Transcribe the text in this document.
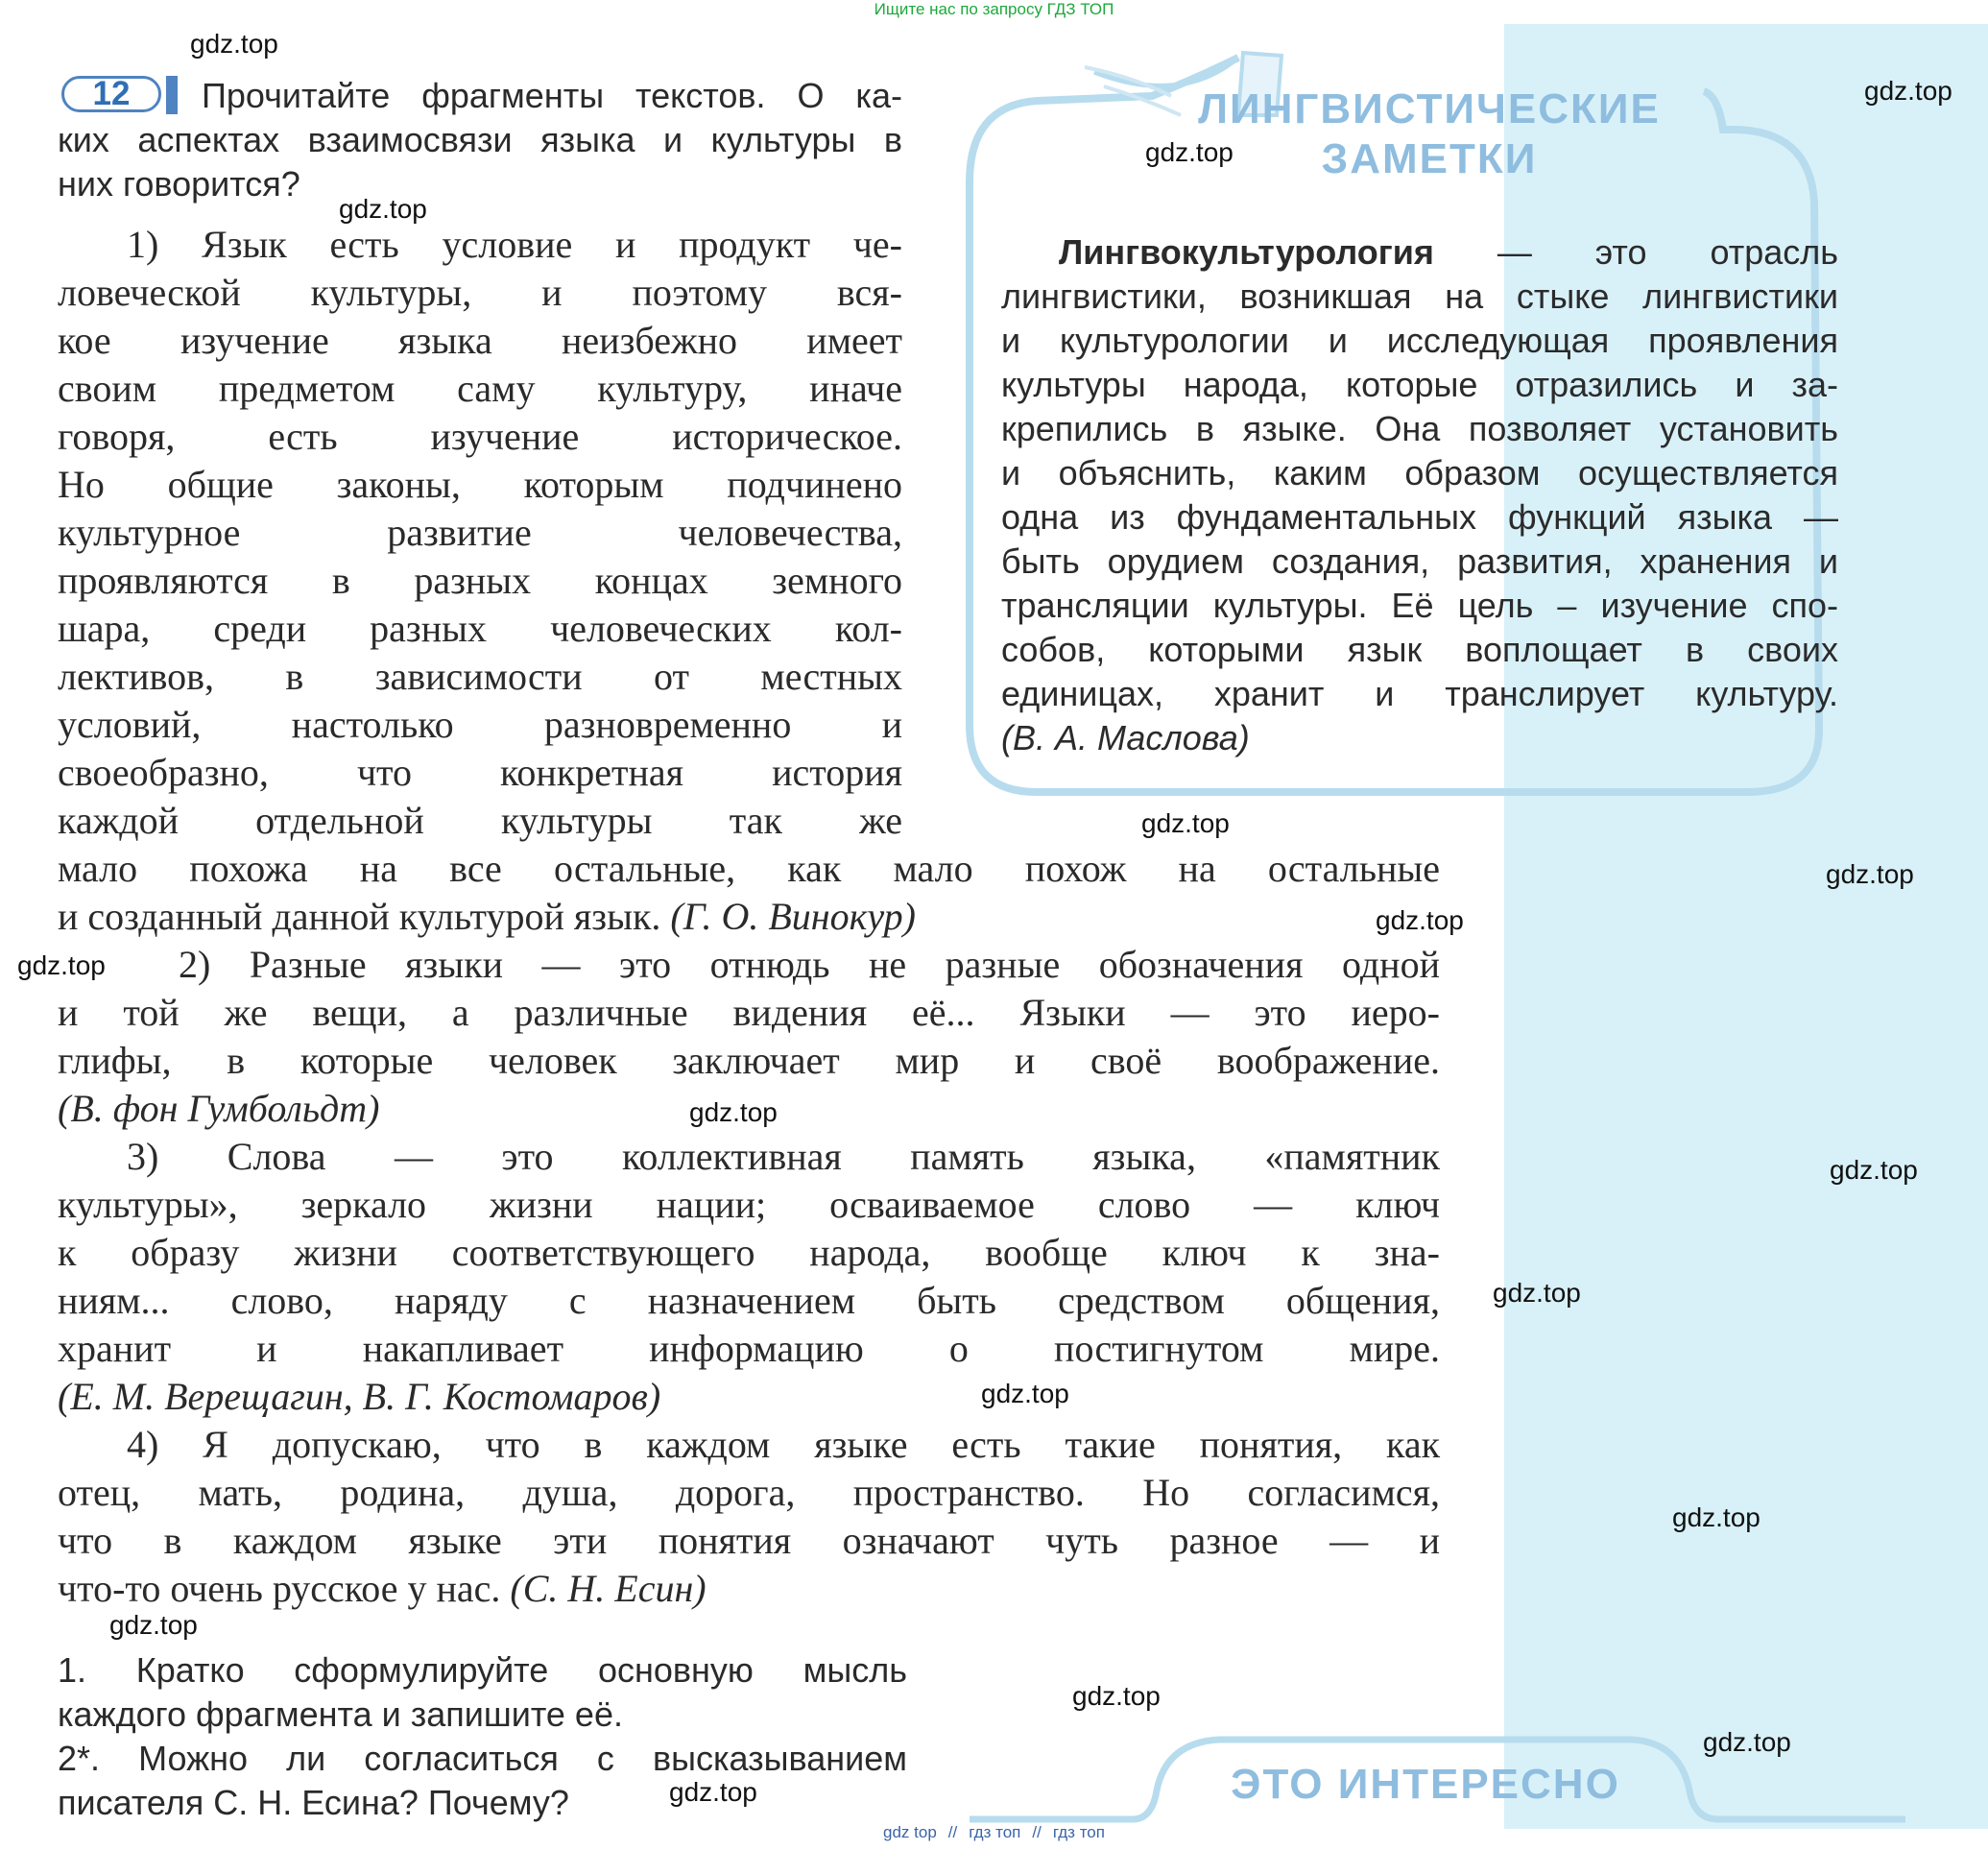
Ищите нас по запросу ГДЗ ТОП
12	Прочитайте фрагменты текстов. О ка-
ких аспектах взаимосвязи языка и культуры в
них говорится?
1) Язык есть условие и продукт че-
ловеческой культуры, и поэтому вся-
кое изучение языка неизбежно имеет
своим предметом саму культуру, иначе
говоря, есть изучение историческое.
Но общие законы, которым подчинено
культурное развитие человечества,
проявляются в разных концах земного
шара, среди разных человеческих кол-
лективов, в зависимости от местных
условий, настолько разновременно и
своеобразно, что конкретная история
каждой отдельной культуры так же
мало похожа на все остальные, как мало похож на остальные
и созданный данной культурой язык. (Г. О. Винокур)
2) Разные языки — это отнюдь не разные обозначения одной
и той же вещи, а различные видения её... Языки — это иеро-
глифы, в которые человек заключает мир и своё воображение.
(В. фон Гумбольдт)
3) Слова — это коллективная память языка, «памятник
культуры», зеркало жизни нации; осваиваемое слово — ключ
к образу жизни соответствующего народа, вообще ключ к зна-
ниям... слово, наряду с назначением быть средством общения,
хранит и накапливает информацию о постигнутом мире.
(Е. М. Верещагин, В. Г. Костомаров)
4) Я допускаю, что в каждом языке есть такие понятия, как
отец, мать, родина, душа, дорога, пространство. Но согласимся,
что в каждом языке эти понятия означают чуть разное — и
что-то очень русское у нас. (С. Н. Есин)
1. Кратко сформулируйте основную мысль
каждого фрагмента и запишите её.
2*. Можно ли согласиться с высказыванием
писателя С. Н. Есина? Почему?
ЛИНГВИСТИЧЕСКИЕ
ЗАМЕТКИ
Лингвокультурология — это отрасль
лингвистики, возникшая на стыке лингвистики
и культурологии и исследующая проявления
культуры народа, которые отразились и за-
крепились в языке. Она позволяет установить
и объяснить, каким образом осуществляется
одна из фундаментальных функций языка —
быть орудием создания, развития, хранения и
трансляции культуры. Её цель – изучение спо-
собов, которыми язык воплощает в своих
единицах, хранит и транслирует культуру.
(В. А. Маслова)
ЭТО ИНТЕРЕСНО
gdz.top
gdz.top
gdz.top
gdz.top
gdz.top
gdz.top
gdz.top
gdz.top
gdz.top
gdz.top
gdz.top
gdz.top
gdz.top
gdz.top
gdz.top
gdz.top
gdz.top
gdz top // гдз топ // гдз топ
